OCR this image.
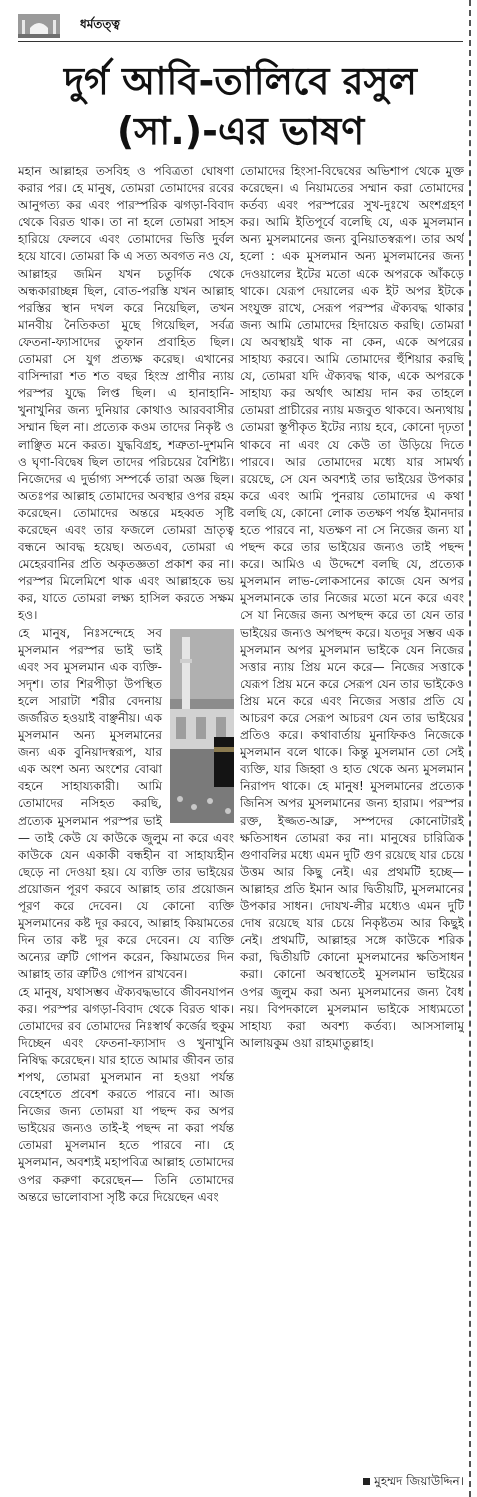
ধর্মতত্ত্ব
দুর্গ আবি-তালিবে রসুল
(সা.)-এর ভাষণ

মহান আল্লাহর তসবিহ ও পবিত্রতা ঘোষণা করার পর। হে মানুষ, তোমরা তোমাদের রবের আনুগত্য কর এবং পারস্পরিক ঝগড়া-বিবাদ থেকে বিরত থাক। তা না হলে তোমরা সাহস হারিয়ে ফেলবে এবং তোমাদের ভিত্তি দুর্বল হয়ে যাবে। তোমরা কি এ সত্য অবগত নও যে, আল্লাহর জমিন যখন চতুর্দিক থেকে অন্ধকারাচ্ছন্ন ছিল, বোত-পরস্তি যখন আল্লাহ পরস্তির স্থান দখল করে নিয়েছিল, তখন মানবীয় নৈতিকতা মুছে গিয়েছিল, সর্বত্র ফেতনা-ফ্যাসাদের তুফান প্রবাহিত ছিল। তোমরা সে যুগ প্রত্যক্ষ করেছ। এখানের বাসিন্দারা শত শত বছর হিংস্র প্রাণীর ন্যায় পরস্পর যুদ্ধে লিপ্ত ছিল। এ হানাহানি-খুনাখুনির জন্য দুনিয়ার কোথাও আরববাসীর সম্মান ছিল না। প্রত্যেক কওম তাদের নিকৃষ্ট ও লাঞ্ছিত মনে করত। যুদ্ধবিগ্রহ, শত্রুতা-দুশমনি ও ঘৃণা-বিদ্বেষ ছিল তাদের পরিচয়ের বৈশিষ্ট্য। নিজেদের এ দুর্ভাগ্য সম্পর্কে তারা অজ্ঞ ছিল। অতঃপর আল্লাহ তোমাদের অবস্থার ওপর রহম করেছেন। তোমাদের অন্তরে মহব্বত সৃষ্টি করেছেন এবং তার ফজলে তোমরা ভ্রাতৃত্ব বন্ধনে আবদ্ধ হয়েছ। অতএব, তোমরা এ মেহেরবানির প্রতি অকৃতজ্ঞতা প্রকাশ কর না। পরস্পর মিলেমিশে থাক এবং আল্লাহকে ভয় কর, যাতে তোমরা লক্ষ্য হাসিল করতে সক্ষম হও।

হে মানুষ, নিঃসন্দেহে সব মুসলমান পরস্পর ভাই ভাই এবং সব মুসলমান এক ব্যক্তি-সদৃশ। তার শিরপীড়া উপস্থিত হলে সারাটা শরীর বেদনায় জর্জরিত হওয়াই বাঞ্ছনীয়। এক মুসলমান অন্য মুসলমানের জন্য এক বুনিয়াদস্বরূপ, যার এক অংশ অন্য অংশের বোঝা বহনে সাহায্যকারী। আমি তোমাদের নসিহত করছি, প্রত্যেক মুসলমান পরস্পর ভাই— তাই কেউ যে কাউকে জুলুম না করে এবং কাউকে যেন একাকী বন্ধহীন বা সাহায্যহীন ছেড়ে না দেওয়া হয়। যে ব্যক্তি তার ভাইয়ের প্রয়োজন পূরণ করবে আল্লাহ তার প্রয়োজন পূরণ করে দেবেন। যে কোনো ব্যক্তি মুসলমানের কষ্ট দূর করবে, আল্লাহ কিয়ামতের দিন তার কষ্ট দূর করে দেবেন। যে ব্যক্তি অন্যের ত্রুটি গোপন করেন, কিয়ামতের দিন আল্লাহ তার ত্রুটিও গোপন রাখবেন।

হে মানুষ, যথাসম্ভব ঐক্যবদ্ধভাবে জীবনযাপন কর। পরস্পর ঝগড়া-বিবাদ থেকে বিরত থাক। তোমাদের রব তোমাদের নিঃস্বার্থ কর্জের হুকুম দিচ্ছেন এবং ফেতনা-ফ্যাসাদ ও খুনাখুনি নিষিদ্ধ করেছেন। যার হাতে আমার জীবন তার শপথ, তোমরা মুসলমান না হওয়া পর্যন্ত বেহেশতে প্রবেশ করতে পারবে না। আজ নিজের জন্য তোমরা যা পছন্দ কর অপর ভাইয়ের জন্যও তাই-ই পছন্দ না করা পর্যন্ত তোমরা মুসলমান হতে পারবে না। হে মুসলমান, অবশ্যই মহাপবিত্র আল্লাহ তোমাদের ওপর করুণা করেছেন— তিনি তোমাদের অন্তরে ভালোবাসা সৃষ্টি করে দিয়েছেন এবং

তোমাদের হিংসা-বিদ্বেষের অভিশাপ থেকে মুক্ত করেছেন। এ নিয়ামতের সম্মান করা তোমাদের কর্তব্য এবং পরস্পরের সুখ-দুঃখে অংশগ্রহণ কর। আমি ইতিপূর্বে বলেছি যে, এক মুসলমান অন্য মুসলমানের জন্য বুনিয়াতস্বরূপ। তার অর্থ হলো : এক মুসলমান অন্য মুসলমানের জন্য দেওয়ালের ইটের মতো একে অপরকে আঁকড়ে থাকে। যেরূপ দেয়ালের এক ইট অপর ইটকে সংযুক্ত রাখে, সেরূপ পরস্পর ঐক্যবদ্ধ থাকার জন্য আমি তোমাদের হিদায়েত করছি। তোমরা যে অবস্থায়ই থাক না কেন, একে অপরের সাহায্য করবে। আমি তোমাদের হুঁশিয়ার করছি যে, তোমরা যদি ঐক্যবদ্ধ থাক, একে অপরকে সাহায্য কর অর্থাৎ আশ্রয় দান কর তাহলে তোমরা প্রাচীরের ন্যায় মজবুত থাকবে। অন্যথায় তোমরা স্তূপীকৃত ইটের ন্যায় হবে, কোনো দৃঢ়তা থাকবে না এবং যে কেউ তা উড়িয়ে দিতে পারবে। আর তোমাদের মধ্যে যার সামর্থ্য রয়েছে, সে যেন অবশ্যই তার ভাইয়ের উপকার করে এবং আমি পুনরায় তোমাদের এ কথা বলছি যে, কোনো লোক ততক্ষণ পর্যন্ত ইমানদার হতে পারবে না, যতক্ষণ না সে নিজের জন্য যা পছন্দ করে তার ভাইয়ের জন্যও তাই পছন্দ করে। আমিও এ উদ্দেশে বলছি যে, প্রত্যেক মুসলমান লাভ-লোকসানের কাজে যেন অপর মুসলমানকে তার নিজের মতো মনে করে এবং সে যা নিজের জন্য অপছন্দ করে তা যেন তার ভাইয়ের জন্যও অপছন্দ করে। যতদূর সম্ভব এক মুসলমান অপর মুসলমান ভাইকে যেন নিজের সত্তার ন্যায় প্রিয় মনে করে— নিজের সত্তাকে যেরূপ প্রিয় মনে করে সেরূপ যেন তার ভাইকেও প্রিয় মনে করে এবং নিজের সত্তার প্রতি যে আচরণ করে সেরূপ আচরণ যেন তার ভাইয়ের প্রতিও করে। কথাবার্তায় মুনাফিকও নিজেকে মুসলমান বলে থাকে। কিন্তু মুসলমান তো সেই ব্যক্তি, যার জিহ্বা ও হাত থেকে অন্য মুসলমান নিরাপদ থাকে। হে মানুষ! মুসলমানের প্রত্যেক জিনিস অপর মুসলমানের জন্য হারাম। পরস্পর রক্ত, ইজ্জত-আব্রু, সম্পদের কোনোটারই ক্ষতিসাধন তোমরা কর না। মানুষের চারিত্রিক গুণাবলির মধ্যে এমন দুটি গুণ রয়েছে যার চেয়ে উত্তম আর কিছু নেই। এর প্রথমটি হচ্ছে— আল্লাহর প্রতি ইমান আর দ্বিতীয়টি, মুসলমানের উপকার সাধন। দোযখ-লীর মধ্যেও এমন দুটি দোষ রয়েছে যার চেয়ে নিকৃষ্টতম আর কিছুই নেই। প্রথমটি, আল্লাহর সঙ্গে কাউকে শরিক করা, দ্বিতীয়টি কোনো মুসলমানের ক্ষতিসাধন করা। কোনো অবস্থাতেই মুসলমান ভাইয়ের ওপর জুলুম করা অন্য মুসলমানের জন্য বৈধ নয়। বিপদকালে মুসলমান ভাইকে সাধ্যমতো সাহায্য করা অবশ্য কর্তব্য। আসসালামু আলায়কুম ওয়া রাহমাতুল্লাহ।

মুহম্মদ জিয়াউদ্দিন।
